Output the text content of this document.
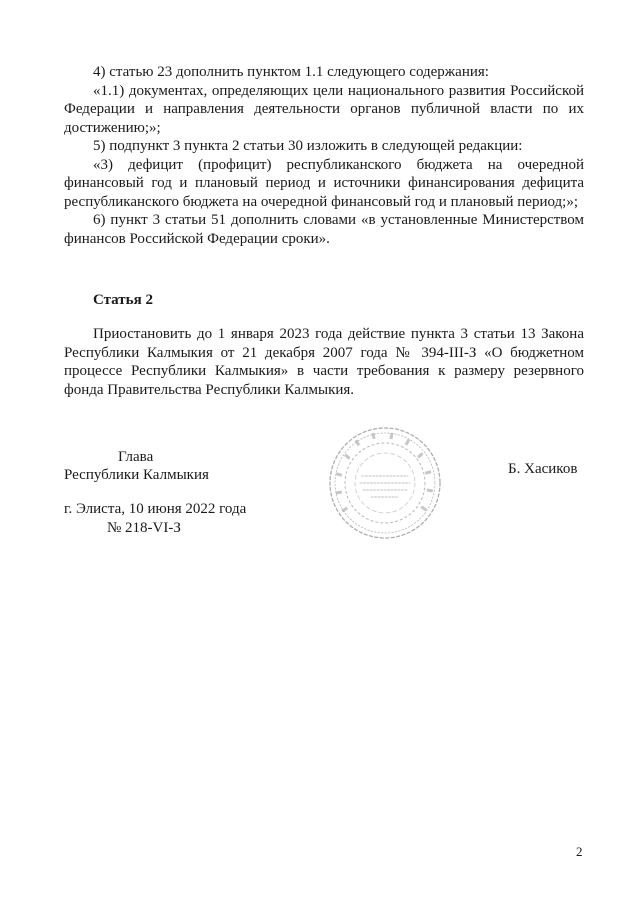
4) статью 23 дополнить пунктом 1.1 следующего содержания:

«1.1) документах, определяющих цели национального развития Российской Федерации и направления деятельности органов публичной власти по их достижению;»;

5) подпункт 3 пункта 2 статьи 30 изложить в следующей редакции:

«3) дефицит (профицит) республиканского бюджета на очередной финансовый год и плановый период и источники финансирования дефицита республиканского бюджета на очередной финансовый год и плановый период;»;

6) пункт 3 статьи 51 дополнить словами «в установленные Министерством финансов Российской Федерации сроки».

Статья 2

Приостановить до 1 января 2023 года действие пункта 3 статьи 13 Закона Республики Калмыкия от 21 декабря 2007 года № 394-III-З «О бюджетном процессе Республики Калмыкия» в части требования к размеру резервного фонда Правительства Республики Калмыкия.

Глава

Республики Калмыкия	Б. Хасиков

г. Элиста, 10 июня 2022 года

№ 218-VI-З

2
